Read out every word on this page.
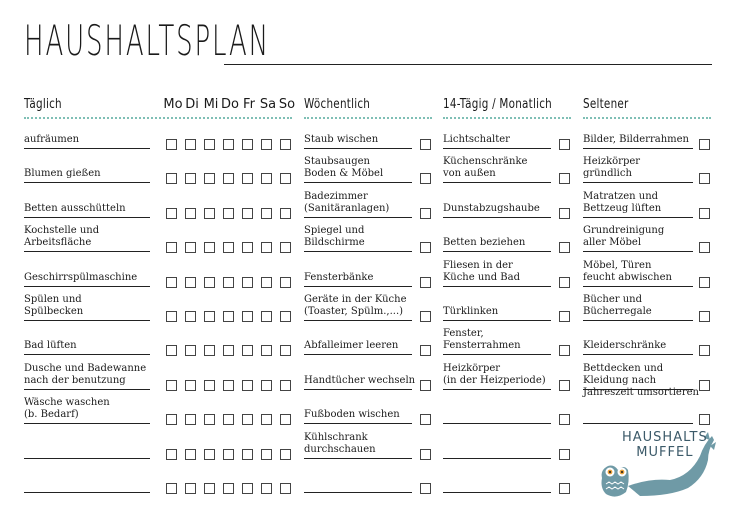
HAUSHALTSPLAN
Täglich	Mo Di Mi Do Fr Sa So Wöchentlich	14-Tägig / Monatlich Seltener
aufräumen
Blumen gießen
Betten ausschütteln
Kochstelle und
Arbeitsfläche
Geschirrspülmaschine
Spülen und
Spülbecken
Bad lüften
Dusche und Badewanne
nach der benutzung
Wäsche waschen
(b. Bedarf)
Staub wischen
Staubsaugen
Boden & Möbel
Badezimmer
(Sanitäranlagen)
Spiegel und
Bildschirme
Fensterbänke
Geräte in der Küche
(Toaster, Spülm.,...)
Abfalleimer leeren
Handtücher wechseln
Fußboden wischen
Kühlschrank
durchschauen
Lichtschalter
Küchenschränke
von außen
Dunstabzugshaube
Betten beziehen
Fliesen in der
Küche und Bad
Türklinken
Fenster,
Fensterrahmen
Heizkörper
(in der Heizperiode)
Bilder, Bilderrahmen
Heizkörper
gründlich
Matratzen und
Bettzeug lüften
Grundreinigung
aller Möbel
Möbel, Türen
feucht abwischen
Bücher und
Bücherregale
Kleiderschränke
Bettdecken und
Kleidung nach
Jahreszeit umsortieren
HAUSHALTS
MUFFEL
